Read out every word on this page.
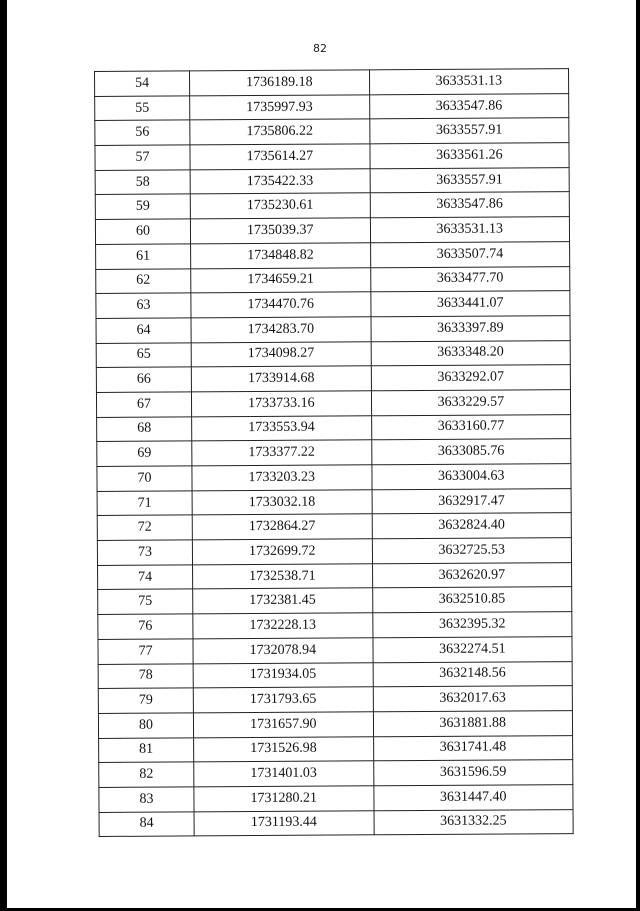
82
54	1736189.18	3633531.13
55	1735997.93	3633547.86
56	1735806.22	3633557.91
57	1735614.27	3633561.26
58	1735422.33	3633557.91
59	1735230.61	3633547.86
60	1735039.37	3633531.13
61	1734848.82	3633507.74
62	1734659.21	3633477.70
63	1734470.76	3633441.07
64	1734283.70	3633397.89
65	1734098.27	3633348.20
66	1733914.68	3633292.07
67	1733733.16	3633229.57
68	1733553.94	3633160.77
69	1733377.22	3633085.76
70	1733203.23	3633004.63
71	1733032.18	3632917.47
72	1732864.27	3632824.40
73	1732699.72	3632725.53
74	1732538.71	3632620.97
75	1732381.45	3632510.85
76	1732228.13	3632395.32
77	1732078.94	3632274.51
78	1731934.05	3632148.56
79	1731793.65	3632017.63
80	1731657.90	3631881.88
81	1731526.98	3631741.48
82	1731401.03	3631596.59
83	1731280.21	3631447.40
84	1731193.44	3631332.25
